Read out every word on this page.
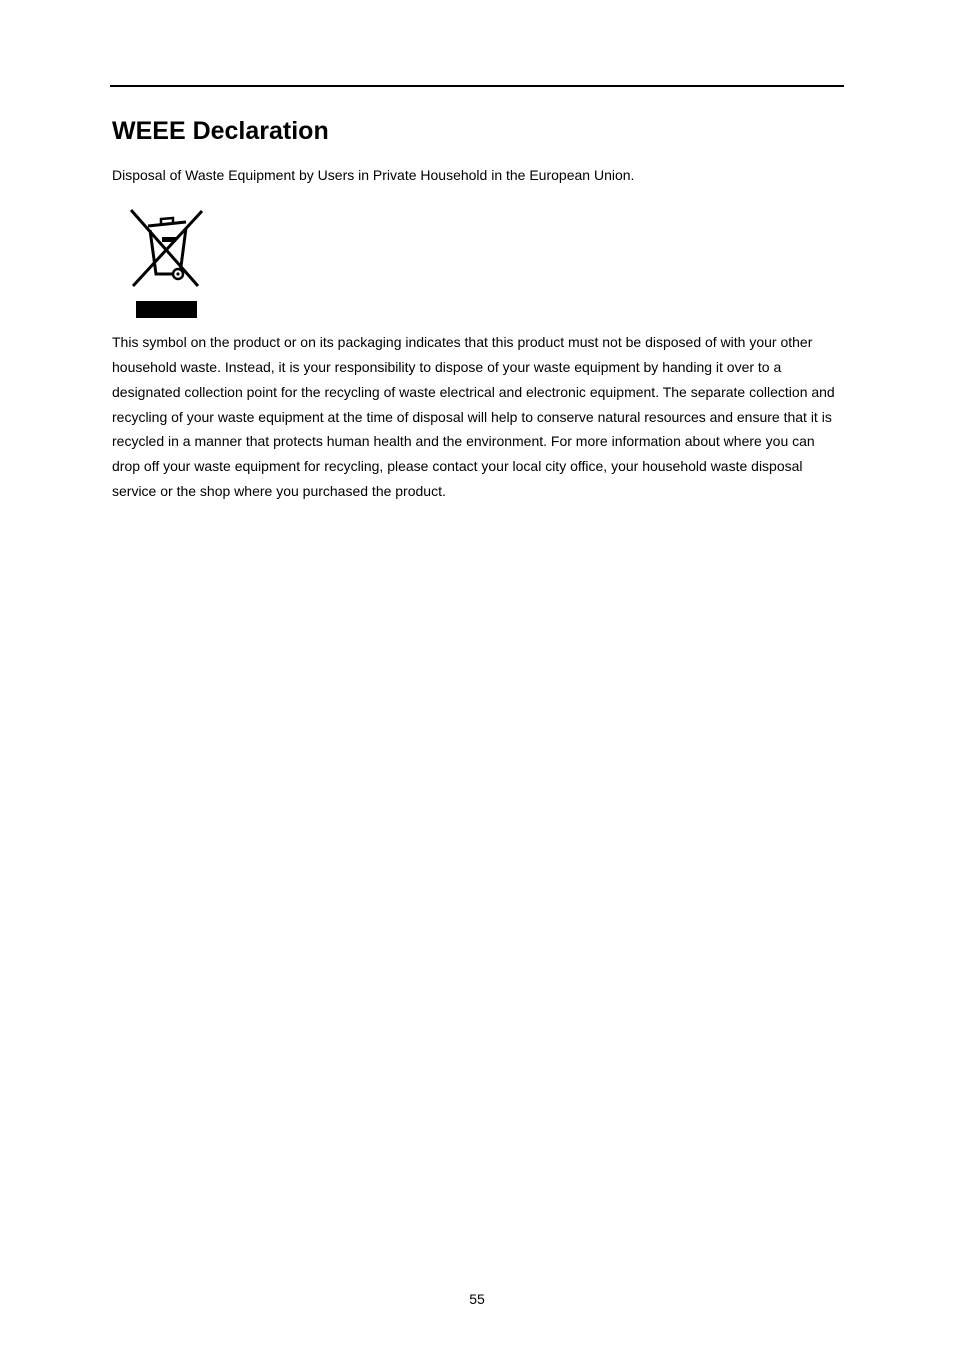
WEEE Declaration

Disposal of Waste Equipment by Users in Private Household in the European Union.

This symbol on the product or on its packaging indicates that this product must not be disposed of with your other household waste. Instead, it is your responsibility to dispose of your waste equipment by handing it over to a designated collection point for the recycling of waste electrical and electronic equipment. The separate collection and recycling of your waste equipment at the time of disposal will help to conserve natural resources and ensure that it is recycled in a manner that protects human health and the environment. For more information about where you can drop off your waste equipment for recycling, please contact your local city office, your household waste disposal service or the shop where you purchased the product.

55
